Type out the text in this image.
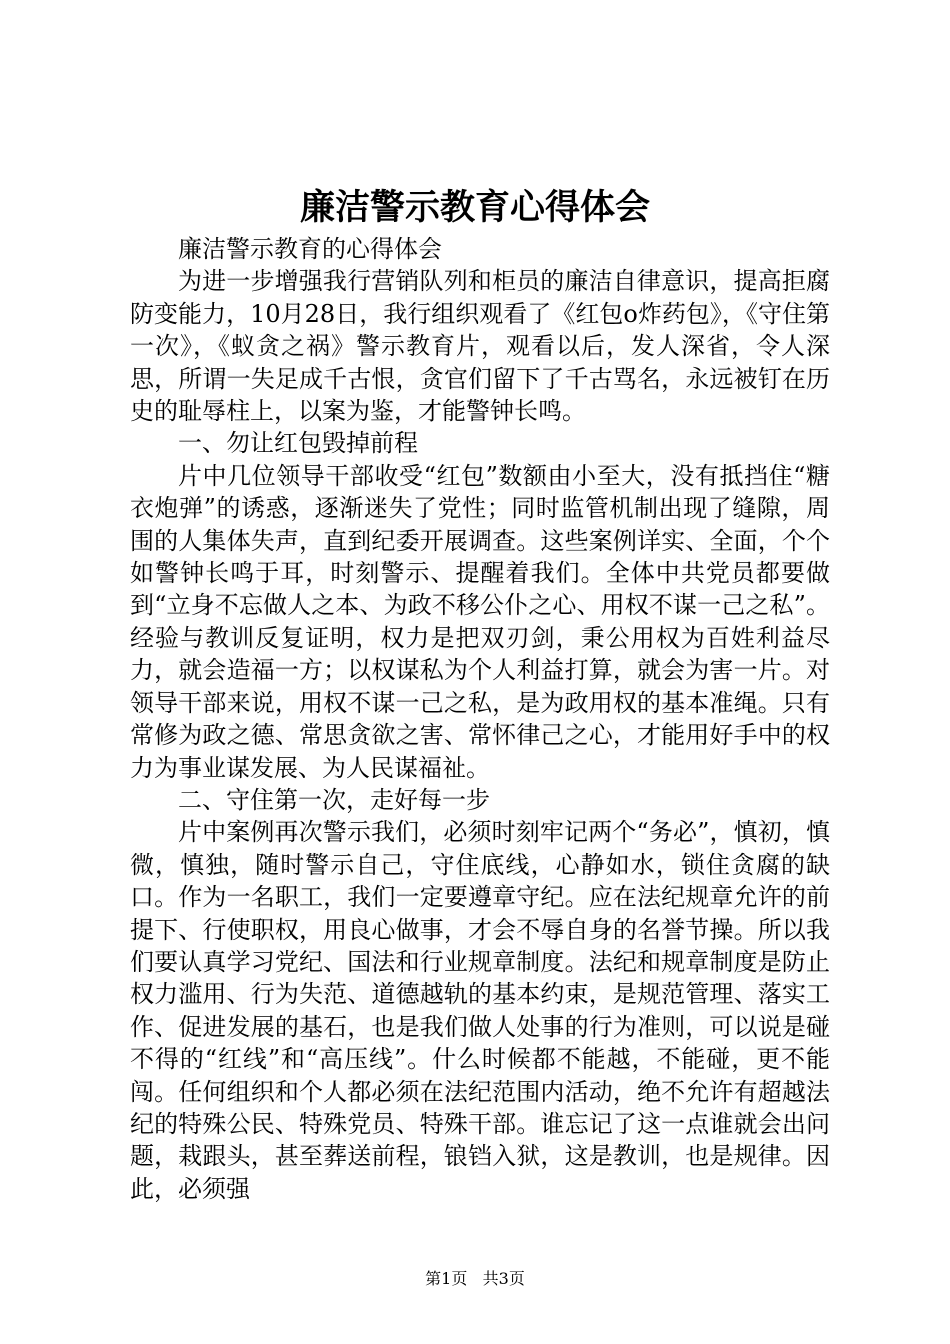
廉洁警示教育心得体会

廉洁警示教育的心得体会

为进一步增强我行营销队列和柜员的廉洁自律意识，提高拒腐防变能力，10月28日，我行组织观看了《红包ο炸药包》，《守住第一次》，《蚁贪之祸》警示教育片，观看以后，发人深省，令人深思，所谓一失足成千古恨，贪官们留下了千古骂名，永远被钉在历史的耻辱柱上，以案为鉴，才能警钟长鸣。

一、勿让红包毁掉前程

片中几位领导干部收受“红包”数额由小至大，没有抵挡住“糖衣炮弹”的诱惑，逐渐迷失了党性；同时监管机制出现了缝隙，周围的人集体失声，直到纪委开展调查。这些案例详实、全面，个个如警钟长鸣于耳，时刻警示、提醒着我们。全体中共党员都要做到“立身不忘做人之本、为政不移公仆之心、用权不谋一己之私”。经验与教训反复证明，权力是把双刃剑，秉公用权为百姓利益尽力，就会造福一方；以权谋私为个人利益打算，就会为害一片。对领导干部来说，用权不谋一己之私，是为政用权的基本准绳。只有常修为政之德、常思贪欲之害、常怀律己之心，才能用好手中的权力为事业谋发展、为人民谋福祉。

二、守住第一次，走好每一步

片中案例再次警示我们，必须时刻牢记两个“务必”，慎初，慎微，慎独，随时警示自己，守住底线，心静如水，锁住贪腐的缺口。作为一名职工，我们一定要遵章守纪。应在法纪规章允许的前提下、行使职权，用良心做事，才会不辱自身的名誉节操。所以我们要认真学习党纪、国法和行业规章制度。法纪和规章制度是防止权力滥用、行为失范、道德越轨的基本约束，是规范管理、落实工作、促进发展的基石，也是我们做人处事的行为准则，可以说是碰不得的“红线”和“高压线”。什么时候都不能越，不能碰，更不能闯。任何组织和个人都必须在法纪范围内活动，绝不允许有超越法纪的特殊公民、特殊党员、特殊干部。谁忘记了这一点谁就会出问题，栽跟头，甚至葬送前程，锒铛入狱，这是教训，也是规律。因此，必须强

第1页 共3页
